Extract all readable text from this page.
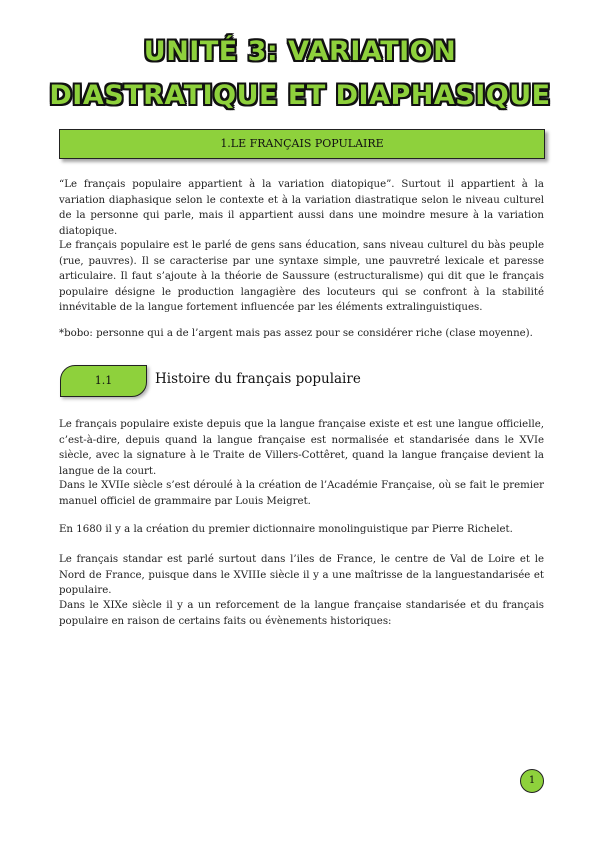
UNITÉ 3: VARIATION DIASTRATIQUE ET DIAPHASIQUE
1.LE FRANÇAIS POPULAIRE

“Le français populaire appartient à la variation diatopique”. Surtout il appartient à la variation diaphasique selon le contexte et à la variation diastratique selon le niveau culturel de la personne qui parle, mais il appartient aussi dans une moindre mesure à la variation diatopique.

Le français populaire est le parlé de gens sans éducation, sans niveau culturel du bàs peuple (rue, pauvres). Il se caracterise par une syntaxe simple, une pauvretré lexicale et paresse articulaire. Il faut s’ajoute à la théorie de Saussure (estructuralisme) qui dit que le français populaire désigne le production langagière des locuteurs qui se confront à la stabilité innévitable de la langue fortement influencée par les éléments extralinguistiques.

*bobo: personne qui a de l’argent mais pas assez pour se considérer riche (clase moyenne).

1.1	Histoire du français populaire

Le français populaire existe depuis que la langue française existe et est une langue officielle, c’est-à-dire, depuis quand la langue française est normalisée et standarisée dans le XVIe siècle, avec la signature à le Traite de Villers-Cottêret, quand la langue française devient la langue de la court.

Dans le XVIIe siècle s’est déroulé à la création de l’Académie Française, où se fait le premier manuel officiel de grammaire par Louis Meigret.

En 1680 il y a la création du premier dictionnaire monolinguistique par Pierre Richelet.

Le français standar est parlé surtout dans l’iles de France, le centre de Val de Loire et le Nord de France, puisque dans le XVIIIe siècle il y a une maîtrisse de la languestandarisée et populaire.

Dans le XIXe siècle il y a un reforcement de la langue française standarisée et du français populaire en raison de certains faits ou évènements historiques:

1
